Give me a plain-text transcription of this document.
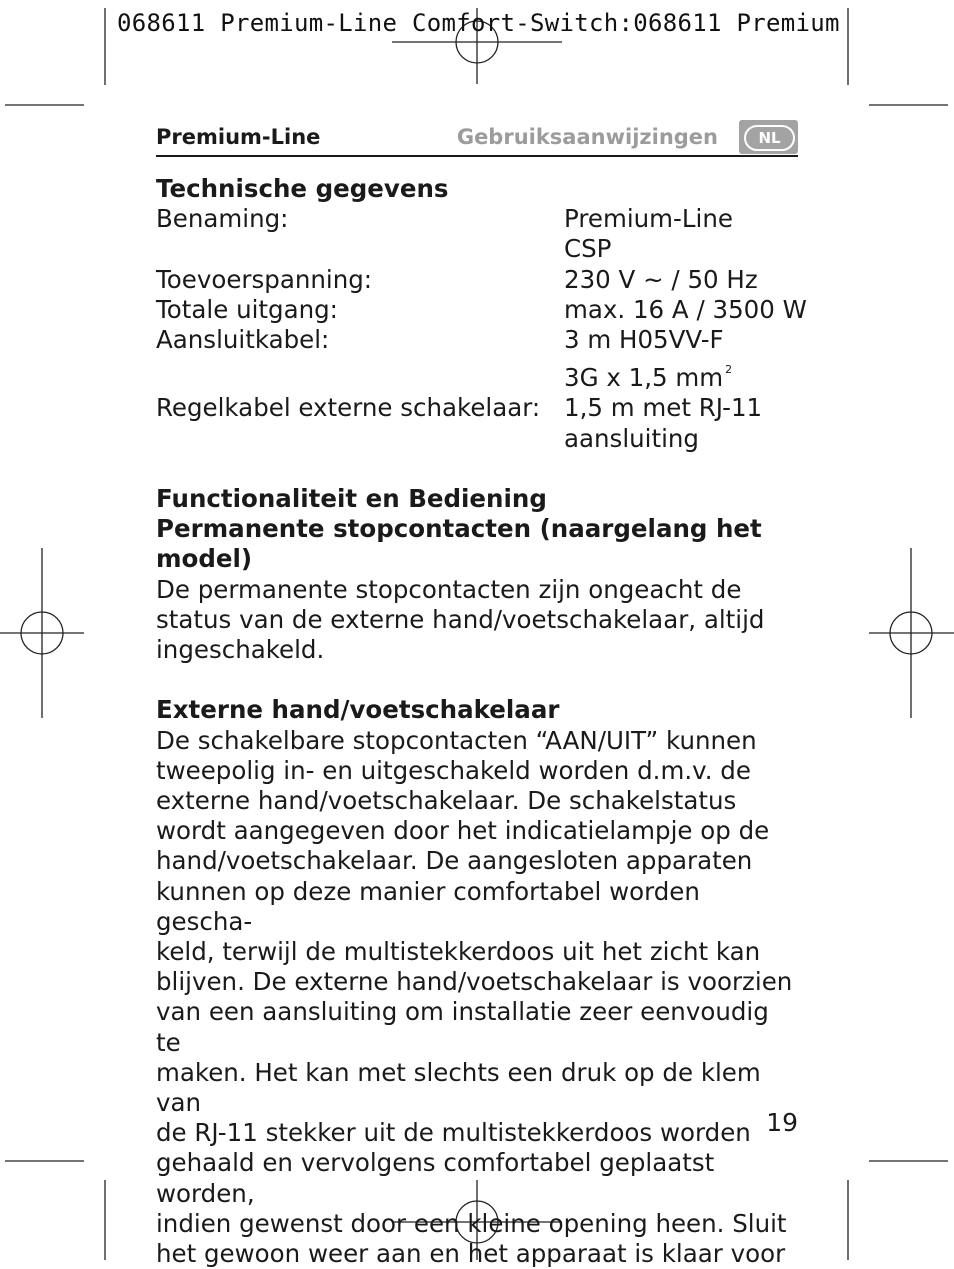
068611 Premium-Line Comfort-Switch:068611 Premium
Premium-Line	Gebruiksaanwijzingen	NL
Technische gegevens
Benaming:	Premium-Line
CSP
Toevoerspanning:	230 V ~ / 50 Hz
Totale uitgang:	max. 16 A / 3500 W
Aansluitkabel:	3 m H05VV-F
3G x 1,5 mm $^2$
Regelkabel externe schakelaar: 1,5 m met RJ-11
aansluiting
Functionaliteit en Bediening
Permanente stopcontacten (naargelang het model)
De permanente stopcontacten zijn ongeacht de
status van de externe hand/voetschakelaar, altijd
ingeschakeld.
Externe hand/voetschakelaar
De schakelbare stopcontacten “AAN/UIT” kunnen
tweepolig in- en uitgeschakeld worden d.m.v. de
externe hand/voetschakelaar. De schakelstatus
wordt aangegeven door het indicatielampje op de
hand/voetschakelaar. De aangesloten apparaten
kunnen op deze manier comfortabel worden gescha-
keld, terwijl de multistekkerdoos uit het zicht kan
blijven. De externe hand/voetschakelaar is voorzien
van een aansluiting om installatie zeer eenvoudig te
maken. Het kan met slechts een druk op de klem van
de RJ-11 stekker uit de multistekkerdoos worden
gehaald en vervolgens comfortabel geplaatst worden,
indien gewenst door een kleine opening heen. Sluit
het gewoon weer aan en het apparaat is klaar voor
19
